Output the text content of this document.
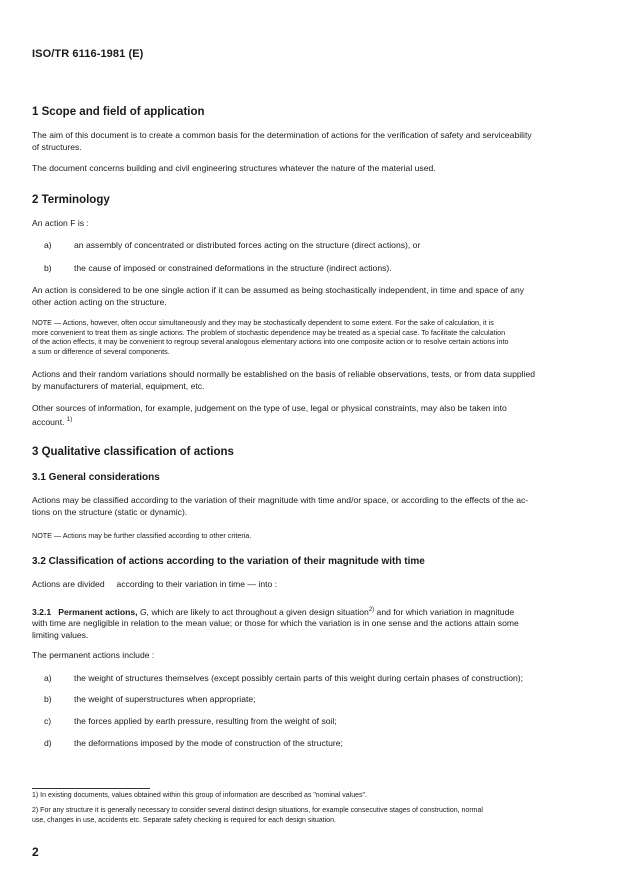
ISO/TR 6116-1981 (E)
1 Scope and field of application
The aim of this document is to create a common basis for the determination of actions for the verification of safety and serviceability
of structures.
The document concerns building and civil engineering structures whatever the nature of the material used.
2 Terminology
An action F is :
a)	an assembly of concentrated or distributed forces acting on the structure (direct actions), or
b)	the cause of imposed or constrained deformations in the structure (indirect actions).
An action is considered to be one single action if it can be assumed as being stochastically independent, in time and space of any
other action acting on the structure.
NOTE — Actions, however, often occur simultaneously and they may be stochastically dependent to some extent. For the sake of calculation, it is
more convenient to treat them as single actions. The problem of stochastic dependence may be treated as a special case. To facilitate the calculation
of the action effects, it may be convenient to regroup several analogous elementary actions into one composite action or to resolve certain actions into
a sum or difference of several components.
Actions and their random variations should normally be established on the basis of reliable observations, tests, or from data supplied
by manufacturers of material, equipment, etc.
Other sources of information, for example, judgement on the type of use, legal or physical constraints, may also be taken into
account. $^{1)}$
3 Qualitative classification of actions
3.1 General considerations
Actions may be classified according to the variation of their magnitude with time and/or space, or according to the effects of the ac-
tions on the structure (static or dynamic).
NOTE — Actions may be further classified according to other criteria.
3.2 Classification of actions according to the variation of their magnitude with time
Actions are divided     according to their variation in time — into :
3.2.1 Permanent actions, G, which are likely to act throughout a given design situation$^{2)}$ and for which variation in magnitude
with time are negligible in relation to the mean value; or those for which the variation is in one sense and the actions attain some
limiting values.
The permanent actions include :
a)	the weight of structures themselves (except possibly certain parts of this weight during certain phases of construction);
b)	the weight of superstructures when appropriate;
c)	the forces applied by earth pressure, resulting from the weight of soil;
d)	the deformations imposed by the mode of construction of the structure;
1) In existing documents, values obtained within this group of information are described as "nominal values".
2) For any structure it is generally necessary to consider several distinct design situations, for example consecutive stages of construction, normal
use, changes in use, accidents etc. Separate safety checking is required for each design situation.
2
